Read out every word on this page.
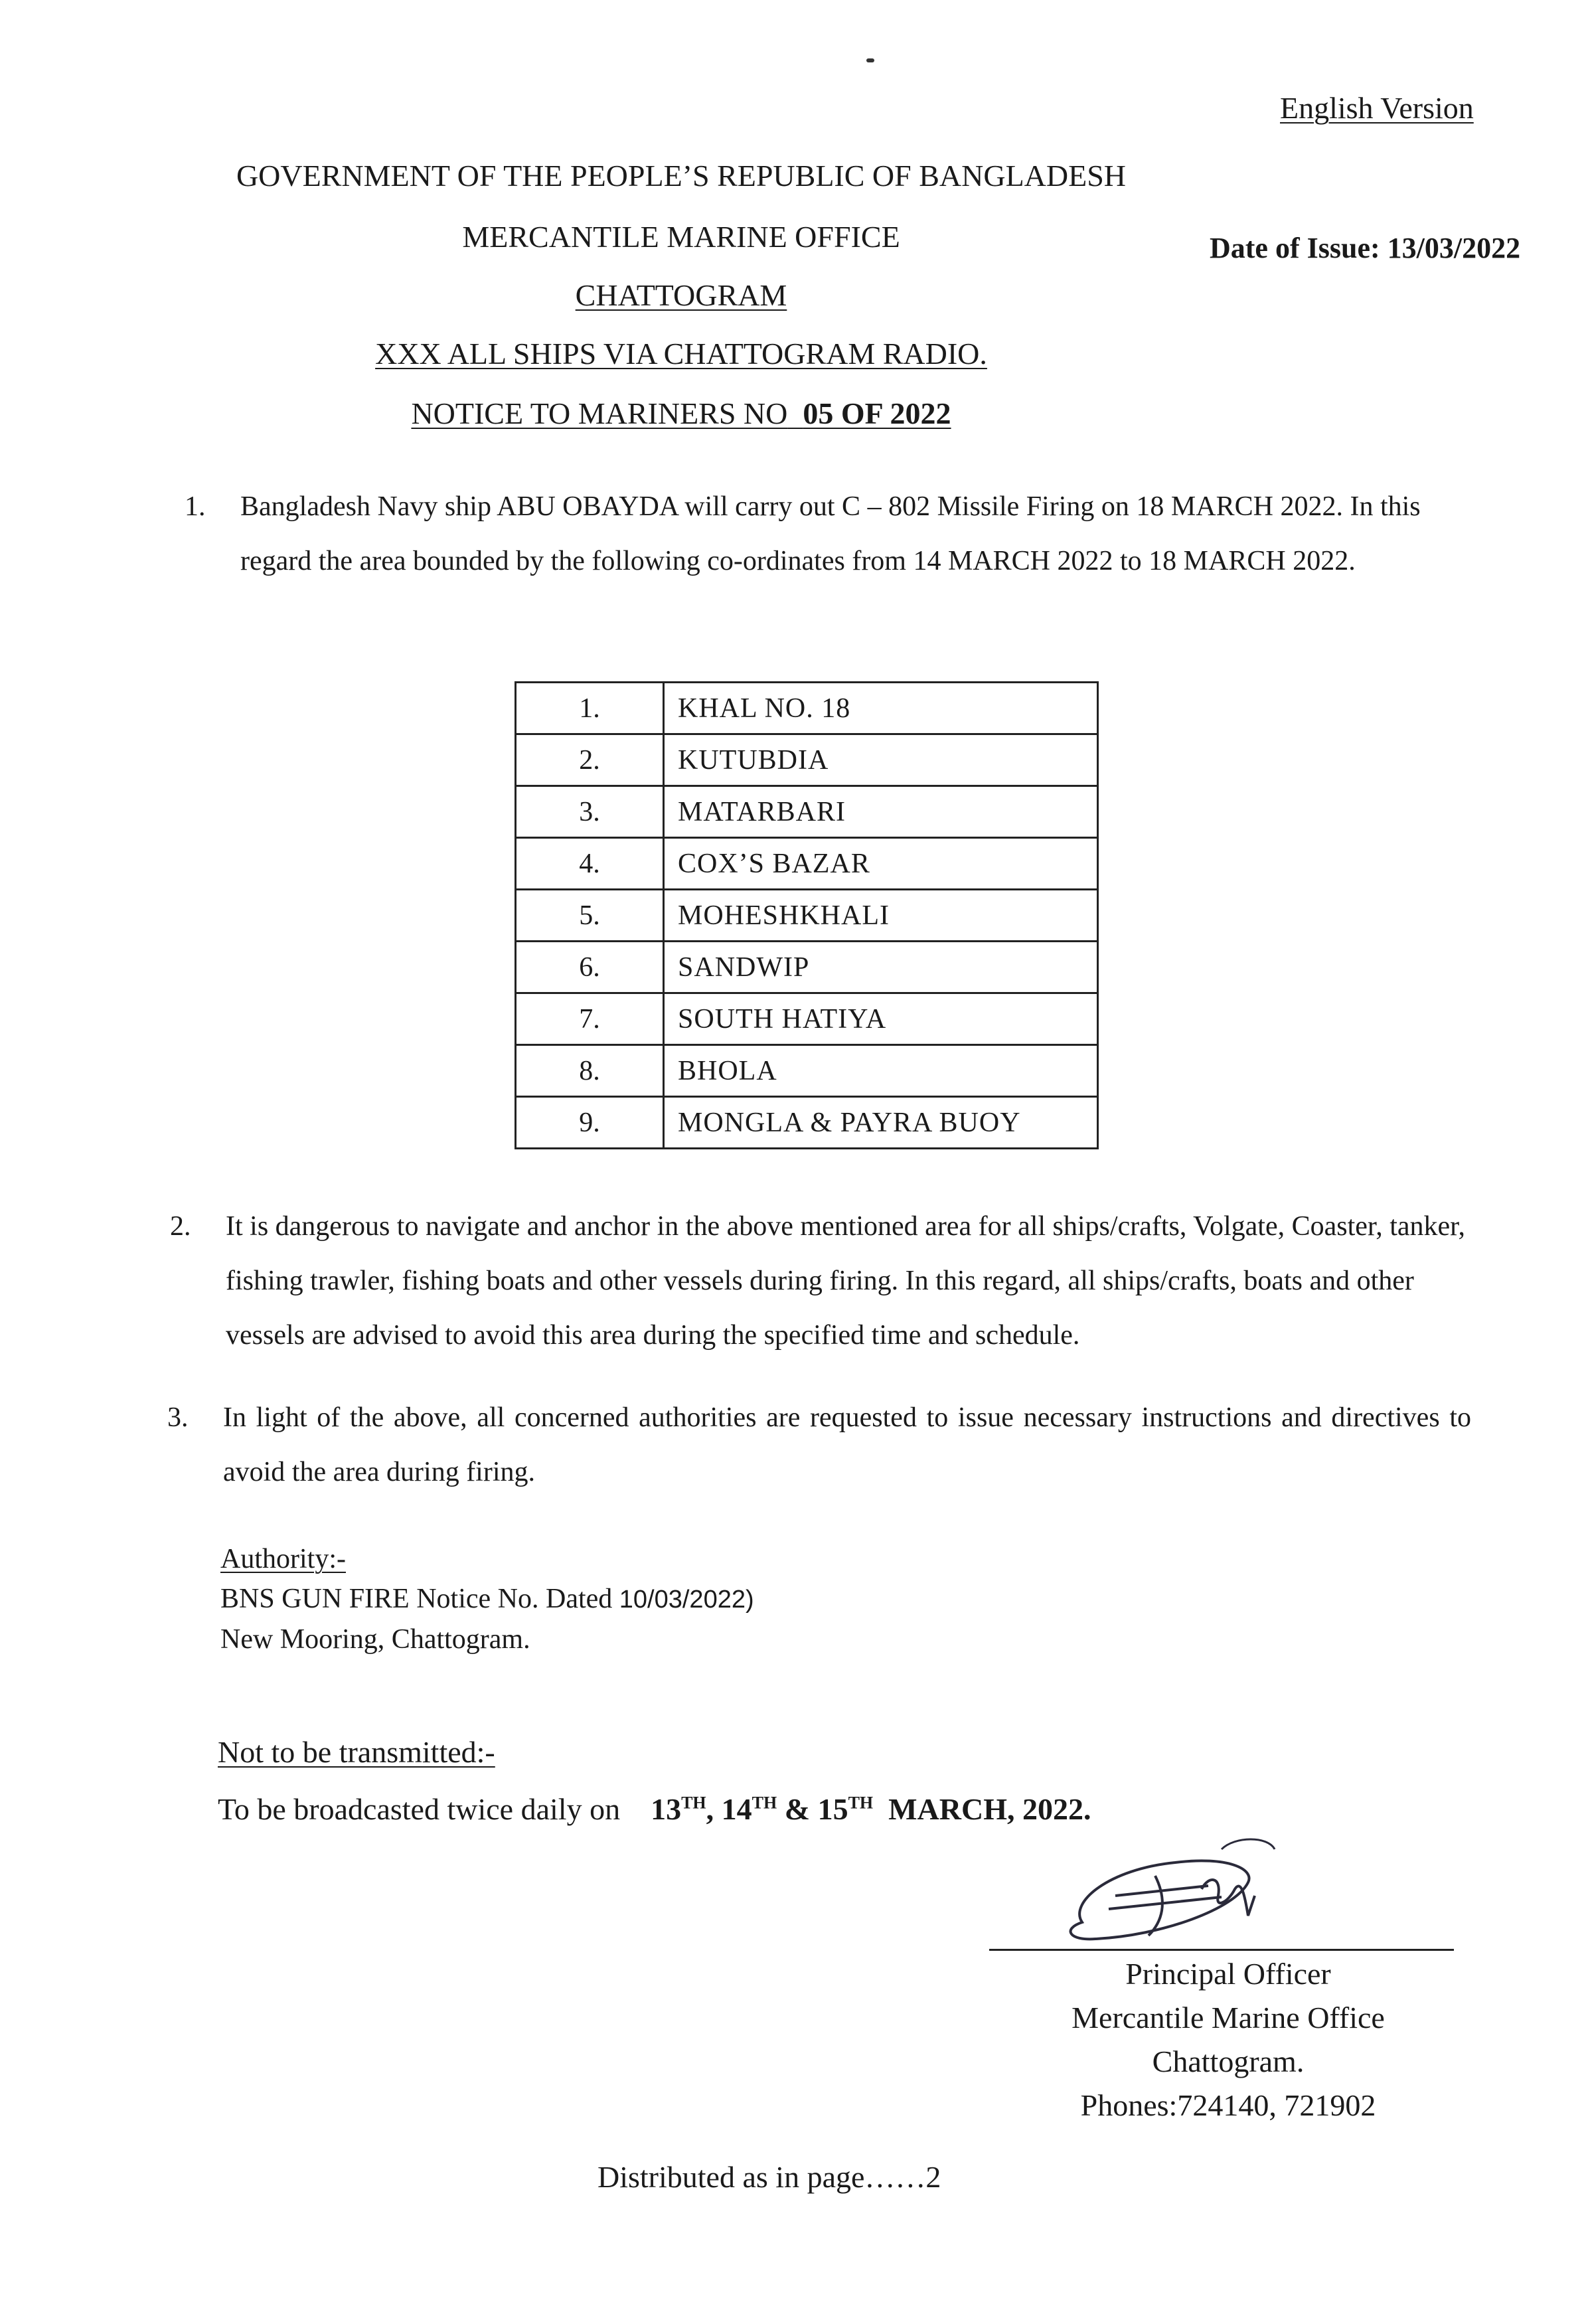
English Version
GOVERNMENT OF THE PEOPLE’S REPUBLIC OF BANGLADESH
MERCANTILE MARINE OFFICE	Date of Issue: 13/03/2022
CHATTOGRAM
XXX ALL SHIPS VIA CHATTOGRAM RADIO.
NOTICE TO MARINERS NO 05 OF 2022
1. Bangladesh Navy ship ABU OBAYDA will carry out C – 802 Missile Firing on 18 MARCH 2022. In this regard the area bounded by the following co-ordinates from 14 MARCH 2022 to 18 MARCH 2022.
1.	KHAL NO. 18
2.	KUTUBDIA
3.	MATARBARI
4.	COX’S BAZAR
5.	MOHESHKHALI
6.	SANDWIP
7.	SOUTH HATIYA
8.	BHOLA
9.	MONGLA & PAYRA BUOY
2. It is dangerous to navigate and anchor in the above mentioned area for all ships/crafts, Volgate, Coaster, tanker, fishing trawler, fishing boats and other vessels during firing. In this regard, all ships/crafts, boats and other vessels are advised to avoid this area during the specified time and schedule.
3. In light of the above, all concerned authorities are requested to issue necessary instructions and directives to avoid the area during firing.
Authority:-
BNS GUN FIRE Notice No. Dated 10/03/2022)
New Mooring, Chattogram.
Not to be transmitted:-
To be broadcasted twice daily on 13TH, 14TH & 15TH MARCH, 2022.
Principal Officer
Mercantile Marine Office
Chattogram.
Phones:724140, 721902
Distributed as in page……2
